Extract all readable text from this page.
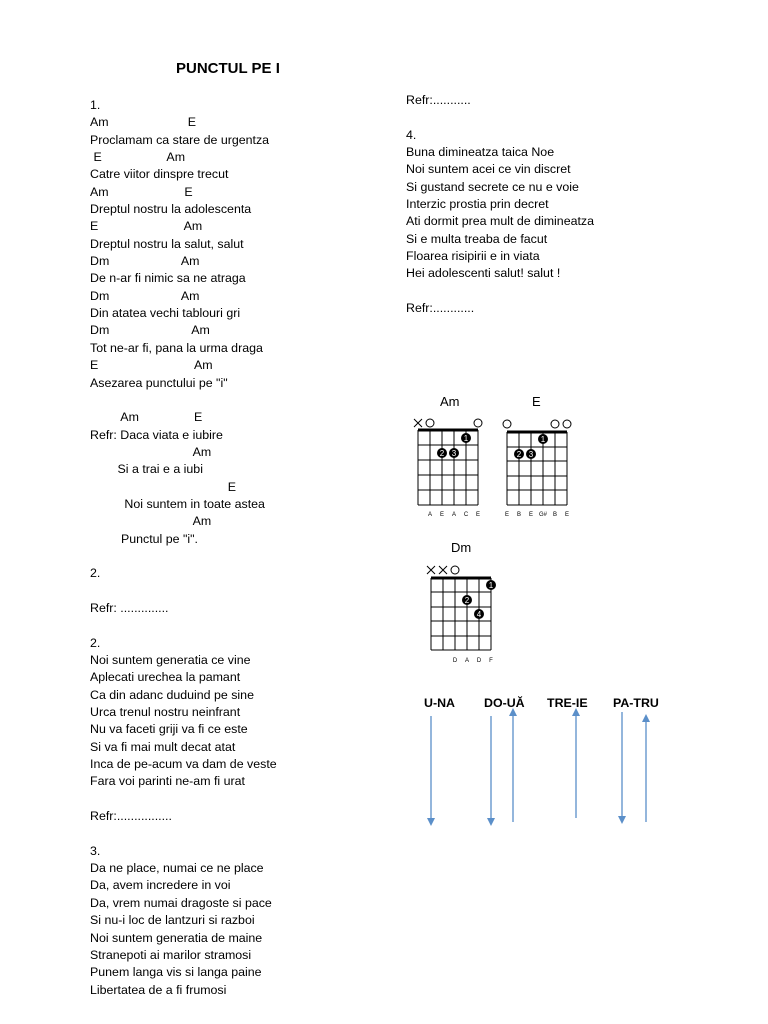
PUNCTUL PE I
1.
Am                       E
Proclamam ca stare de urgentza
E                   Am
Catre viitor dinspre trecut
Am                      E
Dreptul nostru la adolescenta
E                         Am
Dreptul nostru la salut, salut
Dm                     Am
De n-ar fi nimic sa ne atraga
Dm                     Am
Din atatea vechi tablouri gri
Dm                        Am
Tot ne-ar fi, pana la urma draga
E                            Am
Asezarea punctului pe "i"
Am                E
Refr: Daca viata e iubire
Am
Si a trai e a iubi
E
Noi suntem in toate astea
Am
Punctul pe "i".
2.
Refr: ..............
2.
Noi suntem generatia ce vine
Aplecati urechea la pamant
Ca din adanc duduind pe sine
Urca trenul nostru neinfrant
Nu va faceti griji va fi ce este
Si va fi mai mult decat atat
Inca de pe-acum va dam de veste
Fara voi parinti ne-am fi urat
Refr:................
3.
Da ne place, numai ce ne place
Da, avem incredere in voi
Da, vrem numai dragoste si pace
Si nu-i loc de lantzuri si razboi
Noi suntem generatia de maine
Stranepoti ai marilor stramosi
Punem langa vis si langa paine
Libertatea de a fi frumosi
Refr:...........
4.
Buna dimineatza taica Noe
Noi suntem acei ce vin discret
Si gustand secrete ce nu e voie
Interzic prostia prin decret
Ati dormit prea mult de dimineatza
Si e multa treaba de facut
Floarea risipirii e in viata
Hei adolescenti salut! salut !
Refr:............
Am	E
Dm
U-NA DO-UĂ TRE-IE PA-TRU
1
2 3
A E A C E
1
2 3
E B E G# B E
1
2
4
D A D F
